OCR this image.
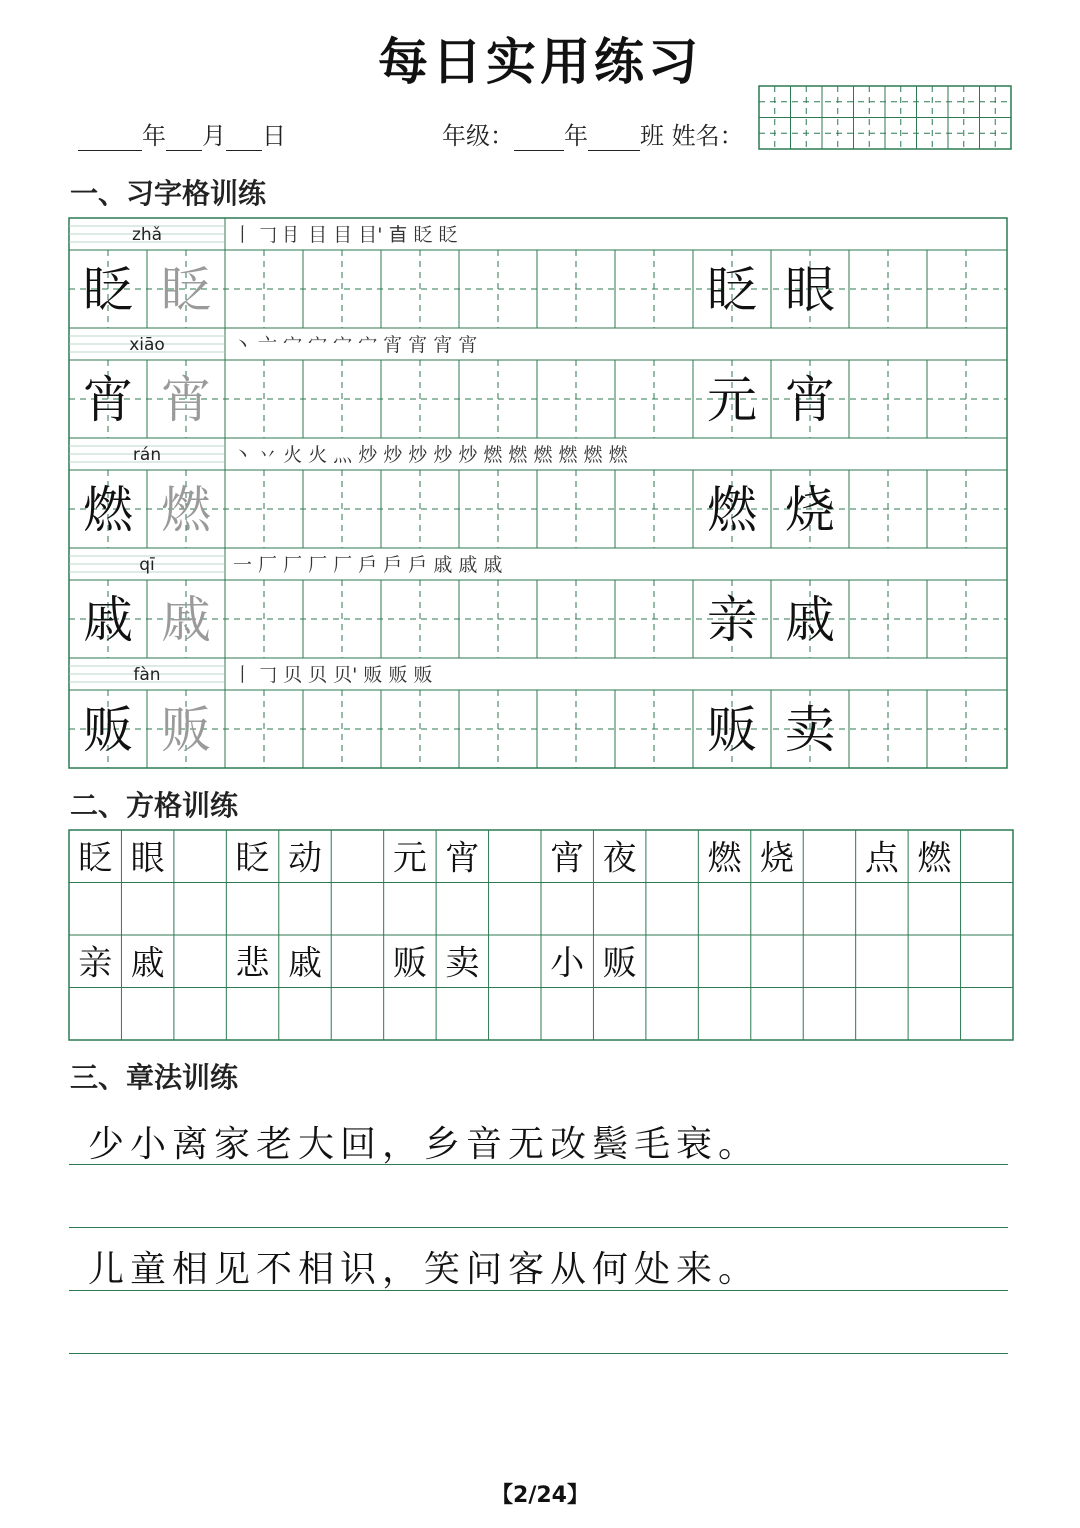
每日实用练习
年 月 日	年级： 年 班 姓名：
一、习字格训练
zhǎ	丨 𠃌 ⺝ 目 目 目' 𥃭 眨 眨
眨 眨	眨 眼
xiāo	丶 亠 宀 宀 宀 宀 宵 宵 宵 宵
宵 宵	元 宵
rán	丶 丷 火 火 灬 炒 炒 炒 炒 炒 燃 燃 燃 燃 燃 燃
燃 燃	燃 烧
qī	一 厂 厂 厂 厂 戶 戶 戶 戚 戚 戚
戚 戚	亲 戚
fàn	丨 𠃌 贝 贝 贝' 贩 贩 贩
贩 贩	贩 卖
二、方格训练
眨 眼 眨 动 元 宵 宵 夜 燃 烧 点 燃
亲 戚 悲 戚 贩 卖 小 贩
三、章法训练
少小离家老大回，乡音无改鬓毛衰。
儿童相见不相识，笑问客从何处来。
【2/24】
